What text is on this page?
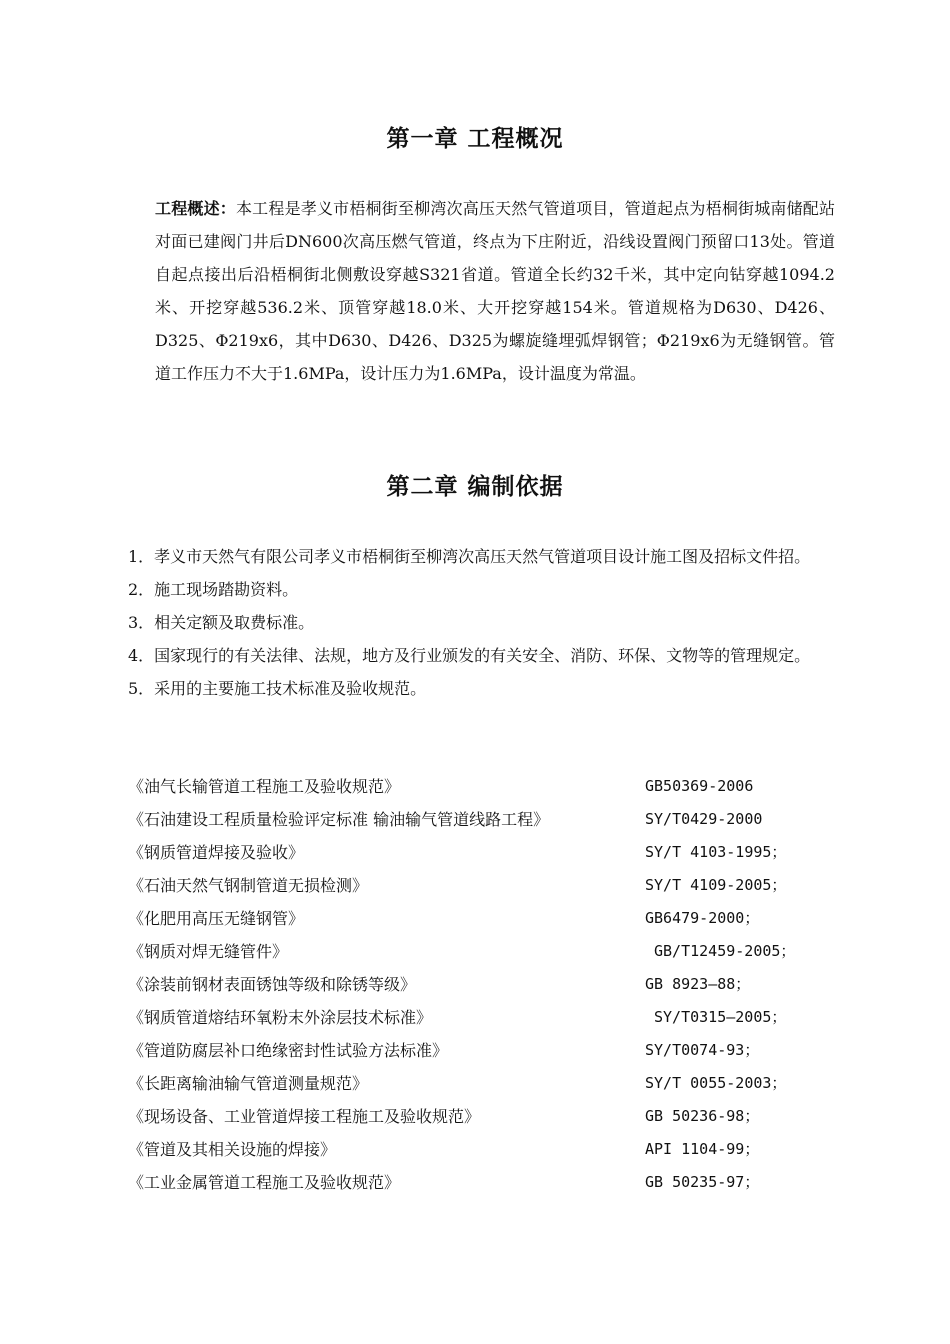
第一章 工程概况
工程概述：本工程是孝义市梧桐街至柳湾次高压天然气管道项目，管道起点为梧桐街城南储配站对面已建阀门井后DN600次高压燃气管道，终点为下庄附近，沿线设置阀门预留口13处。管道自起点接出后沿梧桐街北侧敷设穿越S321省道。管道全长约32千米，其中定向钻穿越1094.2米、开挖穿越536.2米、顶管穿越18.0米、大开挖穿越154米。管道规格为D630、D426、D325、Φ219x6，其中D630、D426、D325为螺旋缝埋弧焊钢管；Φ219x6为无缝钢管。管道工作压力不大于1.6MPa，设计压力为1.6MPa，设计温度为常温。
第二章 编制依据

1．孝义市天然气有限公司孝义市梧桐街至柳湾次高压天然气管道项目设计施工图及招标文件招。

2．施工现场踏勘资料。

3．相关定额及取费标准。

4．国家现行的有关法律、法规，地方及行业颁发的有关安全、消防、环保、文物等的管理规定。

5．采用的主要施工技术标准及验收规范。

《油气长输管道工程施工及验收规范》	GB50369-2006
《石油建设工程质量检验评定标准 输油输气管道线路工程》	SY/T0429-2000
《钢质管道焊接及验收》	SY/T 4103-1995；
《石油天然气钢制管道无损检测》	SY/T 4109-2005；
《化肥用高压无缝钢管》	GB6479-2000；
《钢质对焊无缝管件》	GB/T12459-2005；
《涂装前钢材表面锈蚀等级和除锈等级》	GB 8923—88；
《钢质管道熔结环氧粉末外涂层技术标准》	SY/T0315—2005；
《管道防腐层补口绝缘密封性试验方法标准》	SY/T0074-93；
《长距离输油输气管道测量规范》	SY/T 0055-2003；
《现场设备、工业管道焊接工程施工及验收规范》	GB 50236-98；
《管道及其相关设施的焊接》	API 1104-99；
《工业金属管道工程施工及验收规范》	GB 50235-97；
